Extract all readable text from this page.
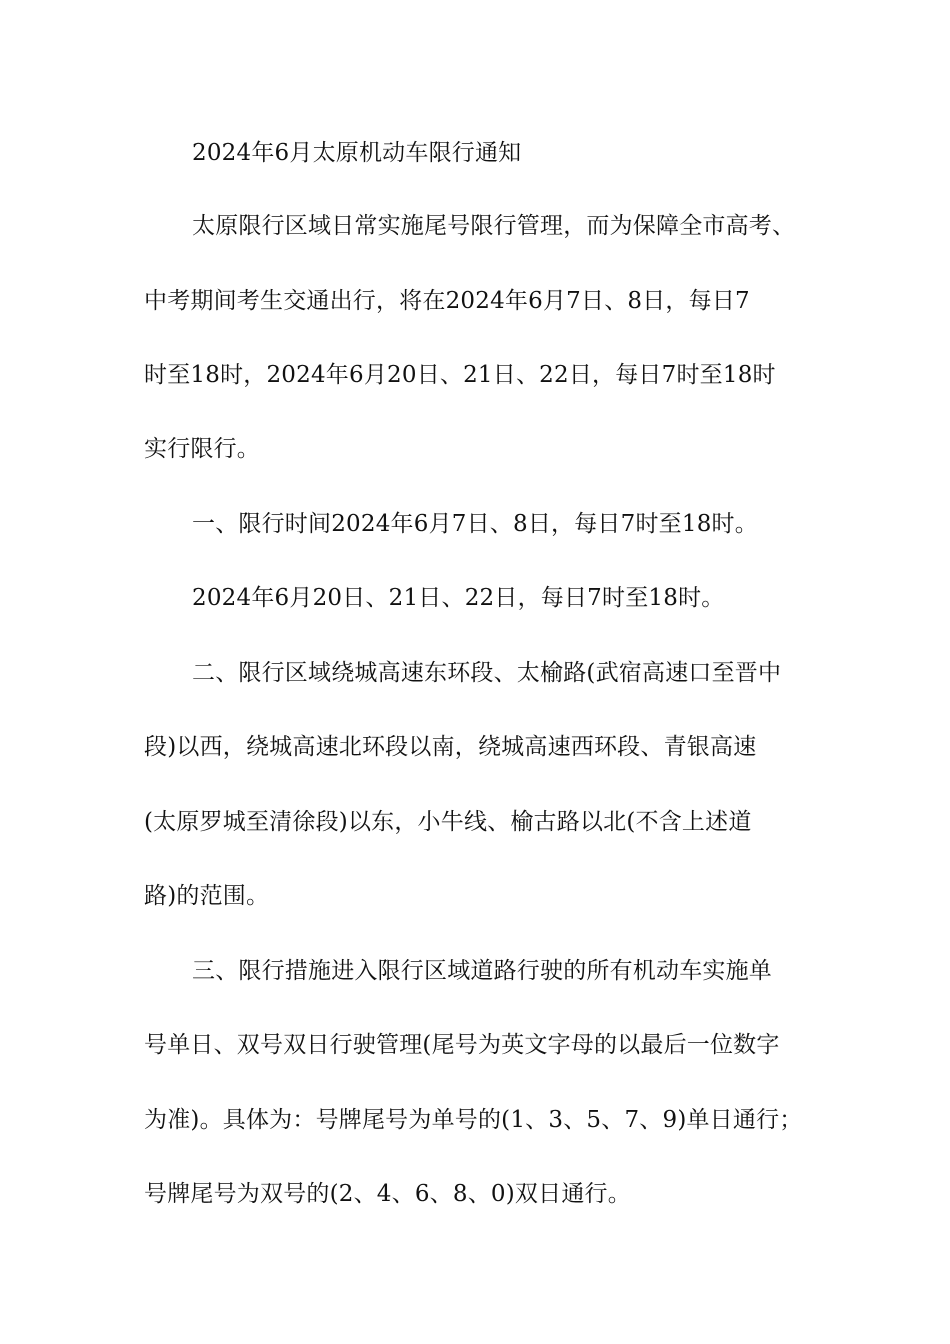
2024年6月太原机动车限行通知
太原限行区域日常实施尾号限行管理，而为保障全市高考、
中考期间考生交通出行，将在2024年6月7日、8日，每日7
时至18时，2024年6月20日、21日、22日，每日7时至18时
实行限行。
一、限行时间2024年6月7日、8日，每日7时至18时。
2024年6月20日、21日、22日，每日7时至18时。
二、限行区域绕城高速东环段、太榆路(武宿高速口至晋中
段)以西，绕城高速北环段以南，绕城高速西环段、青银高速
(太原罗城至清徐段)以东，小牛线、榆古路以北(不含上述道
路)的范围。
三、限行措施进入限行区域道路行驶的所有机动车实施单
号单日、双号双日行驶管理(尾号为英文字母的以最后一位数字
为准)。具体为：号牌尾号为单号的(1、3、5、7、9)单日通行；
号牌尾号为双号的(2、4、6、8、0)双日通行。
